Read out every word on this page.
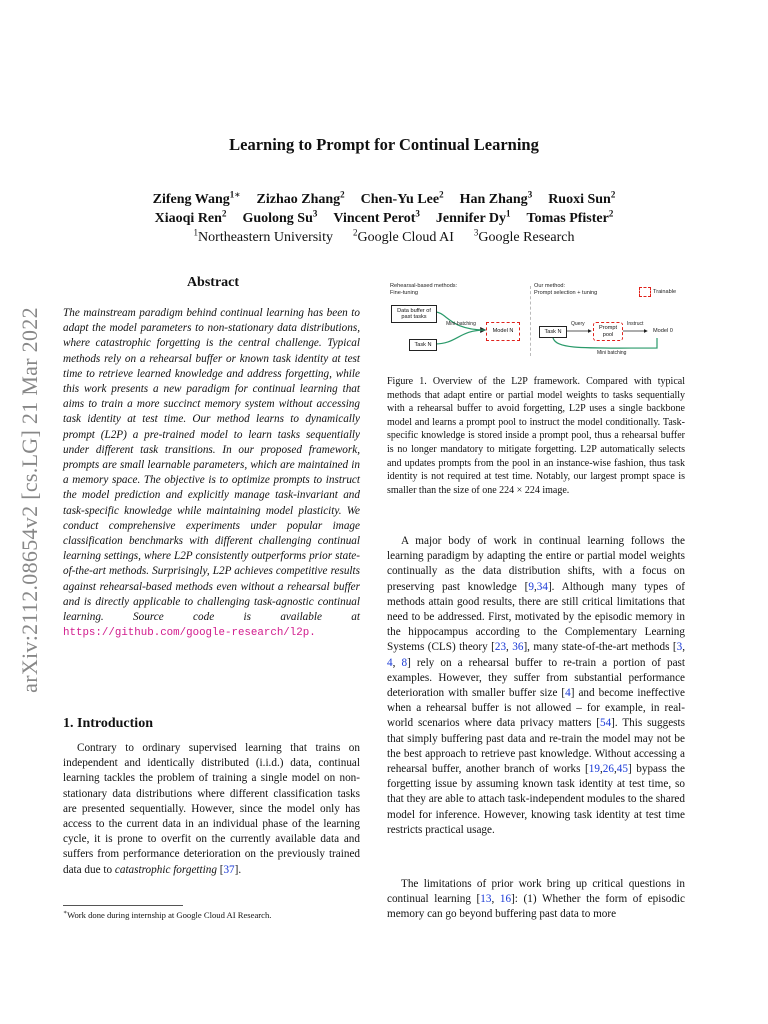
Learning to Prompt for Continual Learning
Zifeng Wang$^{1∗}$ Zizhao Zhang$^2$ Chen-Yu Lee$^2$ Han Zhang$^3$ Ruoxi Sun$^2$
Xiaoqi Ren$^2$ Guolong Su$^3$ Vincent Perot$^3$ Jennifer Dy$^1$ Tomas Pfister$^2$
$^1$Northeastern University $^2$Google Cloud AI $^3$Google Research
arXiv:2112.08654v2 [cs.LG] 21 Mar 2022
Abstract
The mainstream paradigm behind continual learning has been to adapt the model parameters to non-stationary data distributions, where catastrophic forgetting is the central challenge. Typical methods rely on a rehearsal buffer or known task identity at test time to retrieve learned knowledge and address forgetting, while this work presents a new paradigm for continual learning that aims to train a more succinct memory system without accessing task identity at test time. Our method learns to dynamically prompt (L2P) a pre-trained model to learn tasks sequentially under different task transitions. In our proposed framework, prompts are small learnable parameters, which are maintained in a memory space. The objective is to optimize prompts to instruct the model prediction and explicitly manage task-invariant and task-specific knowledge while maintaining model plasticity. We conduct comprehensive experiments under popular image classification benchmarks with different challenging continual learning settings, where L2P consistently outperforms prior state-of-the-art methods. Surprisingly, L2P achieves competitive results against rehearsal-based methods even without a rehearsal buffer and is directly applicable to challenging task-agnostic continual learning. Source code is available at https://github.com/google-research/l2p.
1. Introduction
Contrary to ordinary supervised learning that trains on independent and identically distributed (i.i.d.) data, continual learning tackles the problem of training a single model on non-stationary data distributions where different classification tasks are presented sequentially. However, since the model only has access to the current data in an individual phase of the learning cycle, it is prone to overfit on the currently available data and suffers from performance deterioration on the previously trained data due to catastrophic forgetting [37].
∗Work done during internship at Google Cloud AI Research.
Rehearsal-based methods:
Fine-tuning
Our method:
Prompt selection + tuning	Trainable
Data buffer of past tasks
Task N
Mini-batching
Model N	Task N
Query
Prompt pool
Instruct
Model 0
Mini batching
Figure 1. Overview of the L2P framework. Compared with typical methods that adapt entire or partial model weights to tasks sequentially with a rehearsal buffer to avoid forgetting, L2P uses a single backbone model and learns a prompt pool to instruct the model conditionally. Task-specific knowledge is stored inside a prompt pool, thus a rehearsal buffer is no longer mandatory to mitigate forgetting. L2P automatically selects and updates prompts from the pool in an instance-wise fashion, thus task identity is not required at test time. Notably, our largest prompt space is smaller than the size of one 224 × 224 image.
A major body of work in continual learning follows the learning paradigm by adapting the entire or partial model weights continually as the data distribution shifts, with a focus on preserving past knowledge [9,34]. Although many types of methods attain good results, there are still critical limitations that need to be addressed. First, motivated by the episodic memory in the hippocampus according to the Complementary Learning Systems (CLS) theory [23, 36], many state-of-the-art methods [3, 4, 8] rely on a rehearsal buffer to re-train a portion of past examples. However, they suffer from substantial performance deterioration with smaller buffer size [4] and become ineffective when a rehearsal buffer is not allowed – for example, in real-world scenarios where data privacy matters [54]. This suggests that simply buffering past data and re-train the model may not be the best approach to retrieve past knowledge. Without accessing a rehearsal buffer, another branch of works [19,26,45] bypass the forgetting issue by assuming known task identity at test time, so that they are able to attach task-independent modules to the shared model for inference. However, knowing task identity at test time restricts practical usage.
The limitations of prior work bring up critical questions in continual learning [13, 16]: (1) Whether the form of episodic memory can go beyond buffering past data to more
